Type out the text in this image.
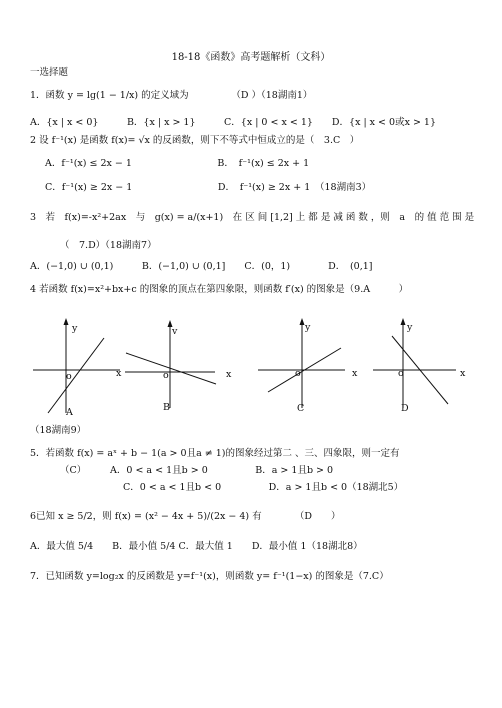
18-18《函数》高考题解析（文科）
一选择题
1．函数 y = lg(1 − 1/x) 的定义域为　　　　　（D ）（18湖南1）
A．{x | x < 0}　　　B．{x | x > 1}　　　C．{x | 0 < x < 1}　　D．{x | x < 0或x > 1}
2 设 f⁻¹(x) 是函数 f(x)= √x 的反函数，则下不等式中恒成立的是（　3.C　）
A．f⁻¹(x) ≤ 2x − 1　　　　　　　　　B．　f⁻¹(x) ≤ 2x + 1
C．f⁻¹(x) ≥ 2x − 1　　　　　　　　　D．　f⁻¹(x) ≥ 2x + 1　（18湖南3）
3　若　f(x)=-x²+2ax　与　g(x) = a/(x+1)　在 区 间 [1,2] 上 都 是 减 函 数 ，则　a　的 值 范 围 是
（　7.D）（18湖南7）
A．(−1,0) ∪ (0,1)　　　B．(−1,0) ∪ (0,1]　　C．(0，1)　　　　D．　(0,1]
4 若函数 f(x)=x²+bx+c 的图象的顶点在第四象限，则函数 f′(x) 的图象是（9.A　　　）
y
o	x
A
v
o	x
B
y
o	x
C
y
o	x
D
（18湖南9）
5．若函数 f(x) = aˣ + b − 1(a > 0且a ≠ 1)的图象经过第二 、三、四象限，则一定有
（C）　　　A．0 < a < 1且b > 0　　　　　B．a > 1且b > 0
C．0 < a < 1且b < 0　　　　　D．a > 1且b < 0（18湖北5）
6已知 x ≥ 5/2，则 f(x) = (x² − 4x + 5)/(2x − 4) 有　　　　（D　　）
A．最大值 5/4　　B．最小值 5/4 C．最大值 1　　D．最小值 1（18湖北8）
7．已知函数 y=log₂x 的反函数是 y=f⁻¹(x)，则函数 y= f⁻¹(1−x) 的图象是（7.C）
